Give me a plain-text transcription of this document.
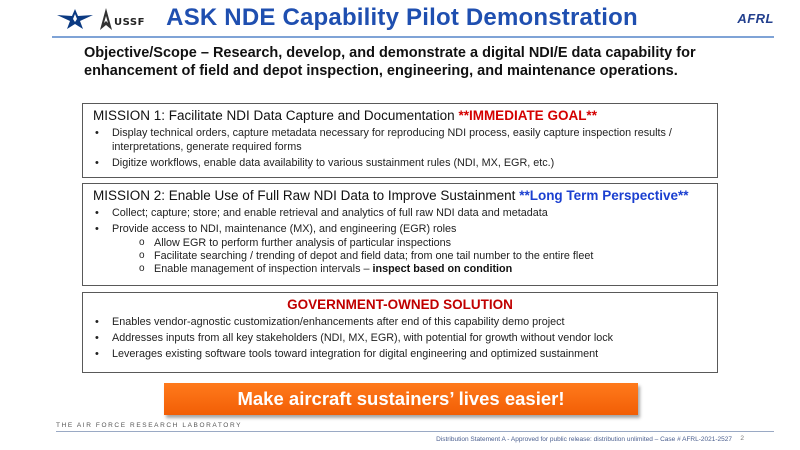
USSF ASK NDE Capability Pilot Demonstration	AFRL
Objective/Scope – Research, develop, and demonstrate a digital NDI/E data capability for enhancement of field and depot inspection, engineering, and maintenance operations.
MISSION 1: Facilitate NDI Data Capture and Documentation **IMMEDIATE GOAL**
• Display technical orders, capture metadata necessary for reproducing NDI process, easily capture inspection results / interpretations, generate required forms
• Digitize workflows, enable data availability to various sustainment rules (NDI, MX, EGR, etc.)
MISSION 2: Enable Use of Full Raw NDI Data to Improve Sustainment **Long Term Perspective**
• Collect; capture; store; and enable retrieval and analytics of full raw NDI data and metadata
• Provide access to NDI, maintenance (MX), and engineering (EGR) roles
o Allow EGR to perform further analysis of particular inspections
o Facilitate searching / trending of depot and field data; from one tail number to the entire fleet
o Enable management of inspection intervals – inspect based on condition
GOVERNMENT-OWNED SOLUTION
• Enables vendor-agnostic customization/enhancements after end of this capability demo project
• Addresses inputs from all key stakeholders (NDI, MX, EGR), with potential for growth without vendor lock
• Leverages existing software tools toward integration for digital engineering and optimized sustainment
Make aircraft sustainers’ lives easier!
THE AIR FORCE RESEARCH LABORATORY
Distribution Statement A - Approved for public release: distribution unlimited – Case # AFRL-2021-2527 2
